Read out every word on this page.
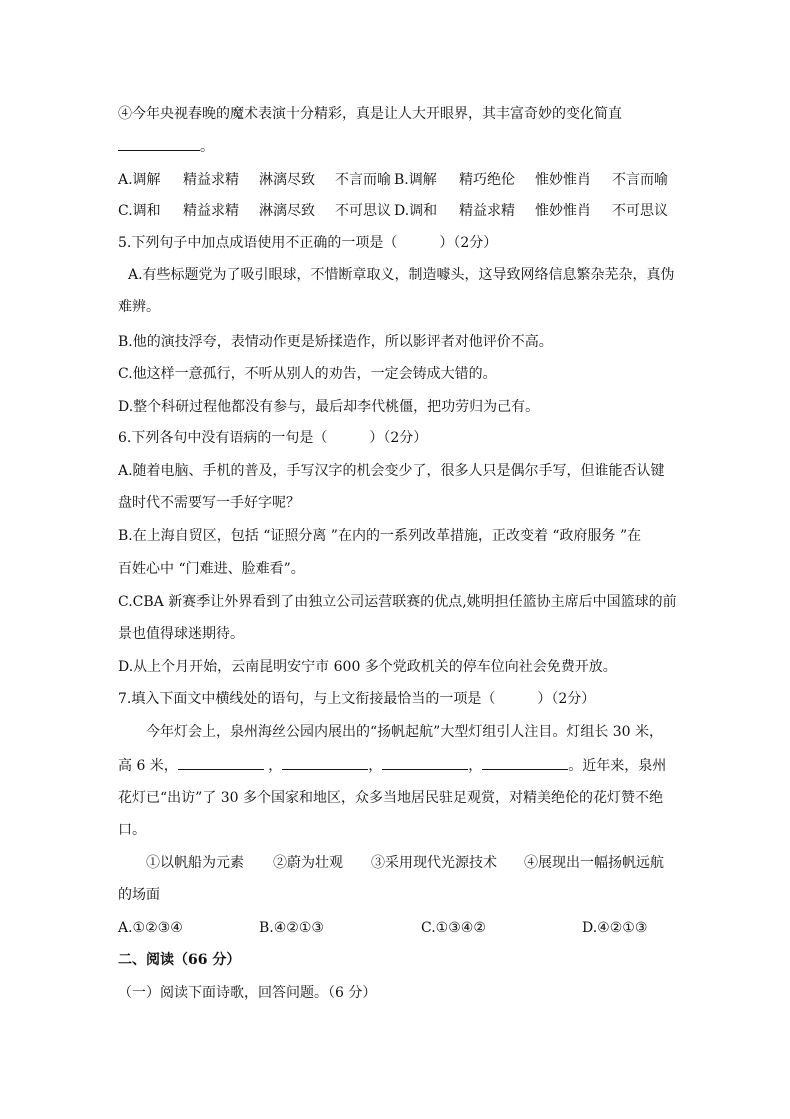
④今年央视春晚的魔术表演十分精彩，真是让人大开眼界，其丰富奇妙的变化简直
。
A.调解 精益求精 淋漓尽致 不言而喻 B.调解 精巧绝伦 惟妙惟肖 不言而喻
C.调和 精益求精 淋漓尽致 不可思议 D.调和 精益求精 惟妙惟肖 不可思议
5.下列句子中加点成语使用不正确的一项是（　　　）（2分）
A.有些标题党为了吸引眼球，不惜断章取义，制造噱头，这导致网络信息繁杂芜杂，真伪
难辨。
B.他的演技浮夸，表情动作更是矫揉造作，所以影评者对他评价不高。
C.他这样一意孤行，不听从别人的劝告，一定会铸成大错的。
D.整个科研过程他都没有参与，最后却李代桃僵，把功劳归为己有。
6.下列各句中没有语病的一句是（　　　）（2分）
A.随着电脑、手机的普及，手写汉字的机会变少了，很多人只是偶尔手写，但谁能否认键
盘时代不需要写一手好字呢？
B.在上海自贸区，包括 “证照分离 ”在内的一系列改革措施，正改变着 “政府服务 ”在
百姓心中 “门难进、脸难看”。
C.CBA 新赛季让外界看到了由独立公司运营联赛的优点,姚明担任篮协主席后中国篮球的前
景也值得球迷期待。
D.从上个月开始，云南昆明安宁市 600 多个党政机关的停车位向社会免费开放。
7.填入下面文中横线处的语句，与上文衔接最恰当的一项是（　　　）（2分）
今年灯会上，泉州海丝公园内展出的“扬帆起航”大型灯组引人注目。灯组长 30 米，
高 6 米，	，	，	，	。近年来，泉州
花灯已“出访”了 30 多个国家和地区，众多当地居民驻足观赏，对精美绝伦的花灯赞不绝
口。
①以帆船为元素 ②蔚为壮观 ③采用现代光源技术 ④展现出一幅扬帆远航
的场面
A.①②③④	B.④②①③	C.①③④②	D.④②①③
二、阅读（66 分）
（一）阅读下面诗歌，回答问题。（6 分）
